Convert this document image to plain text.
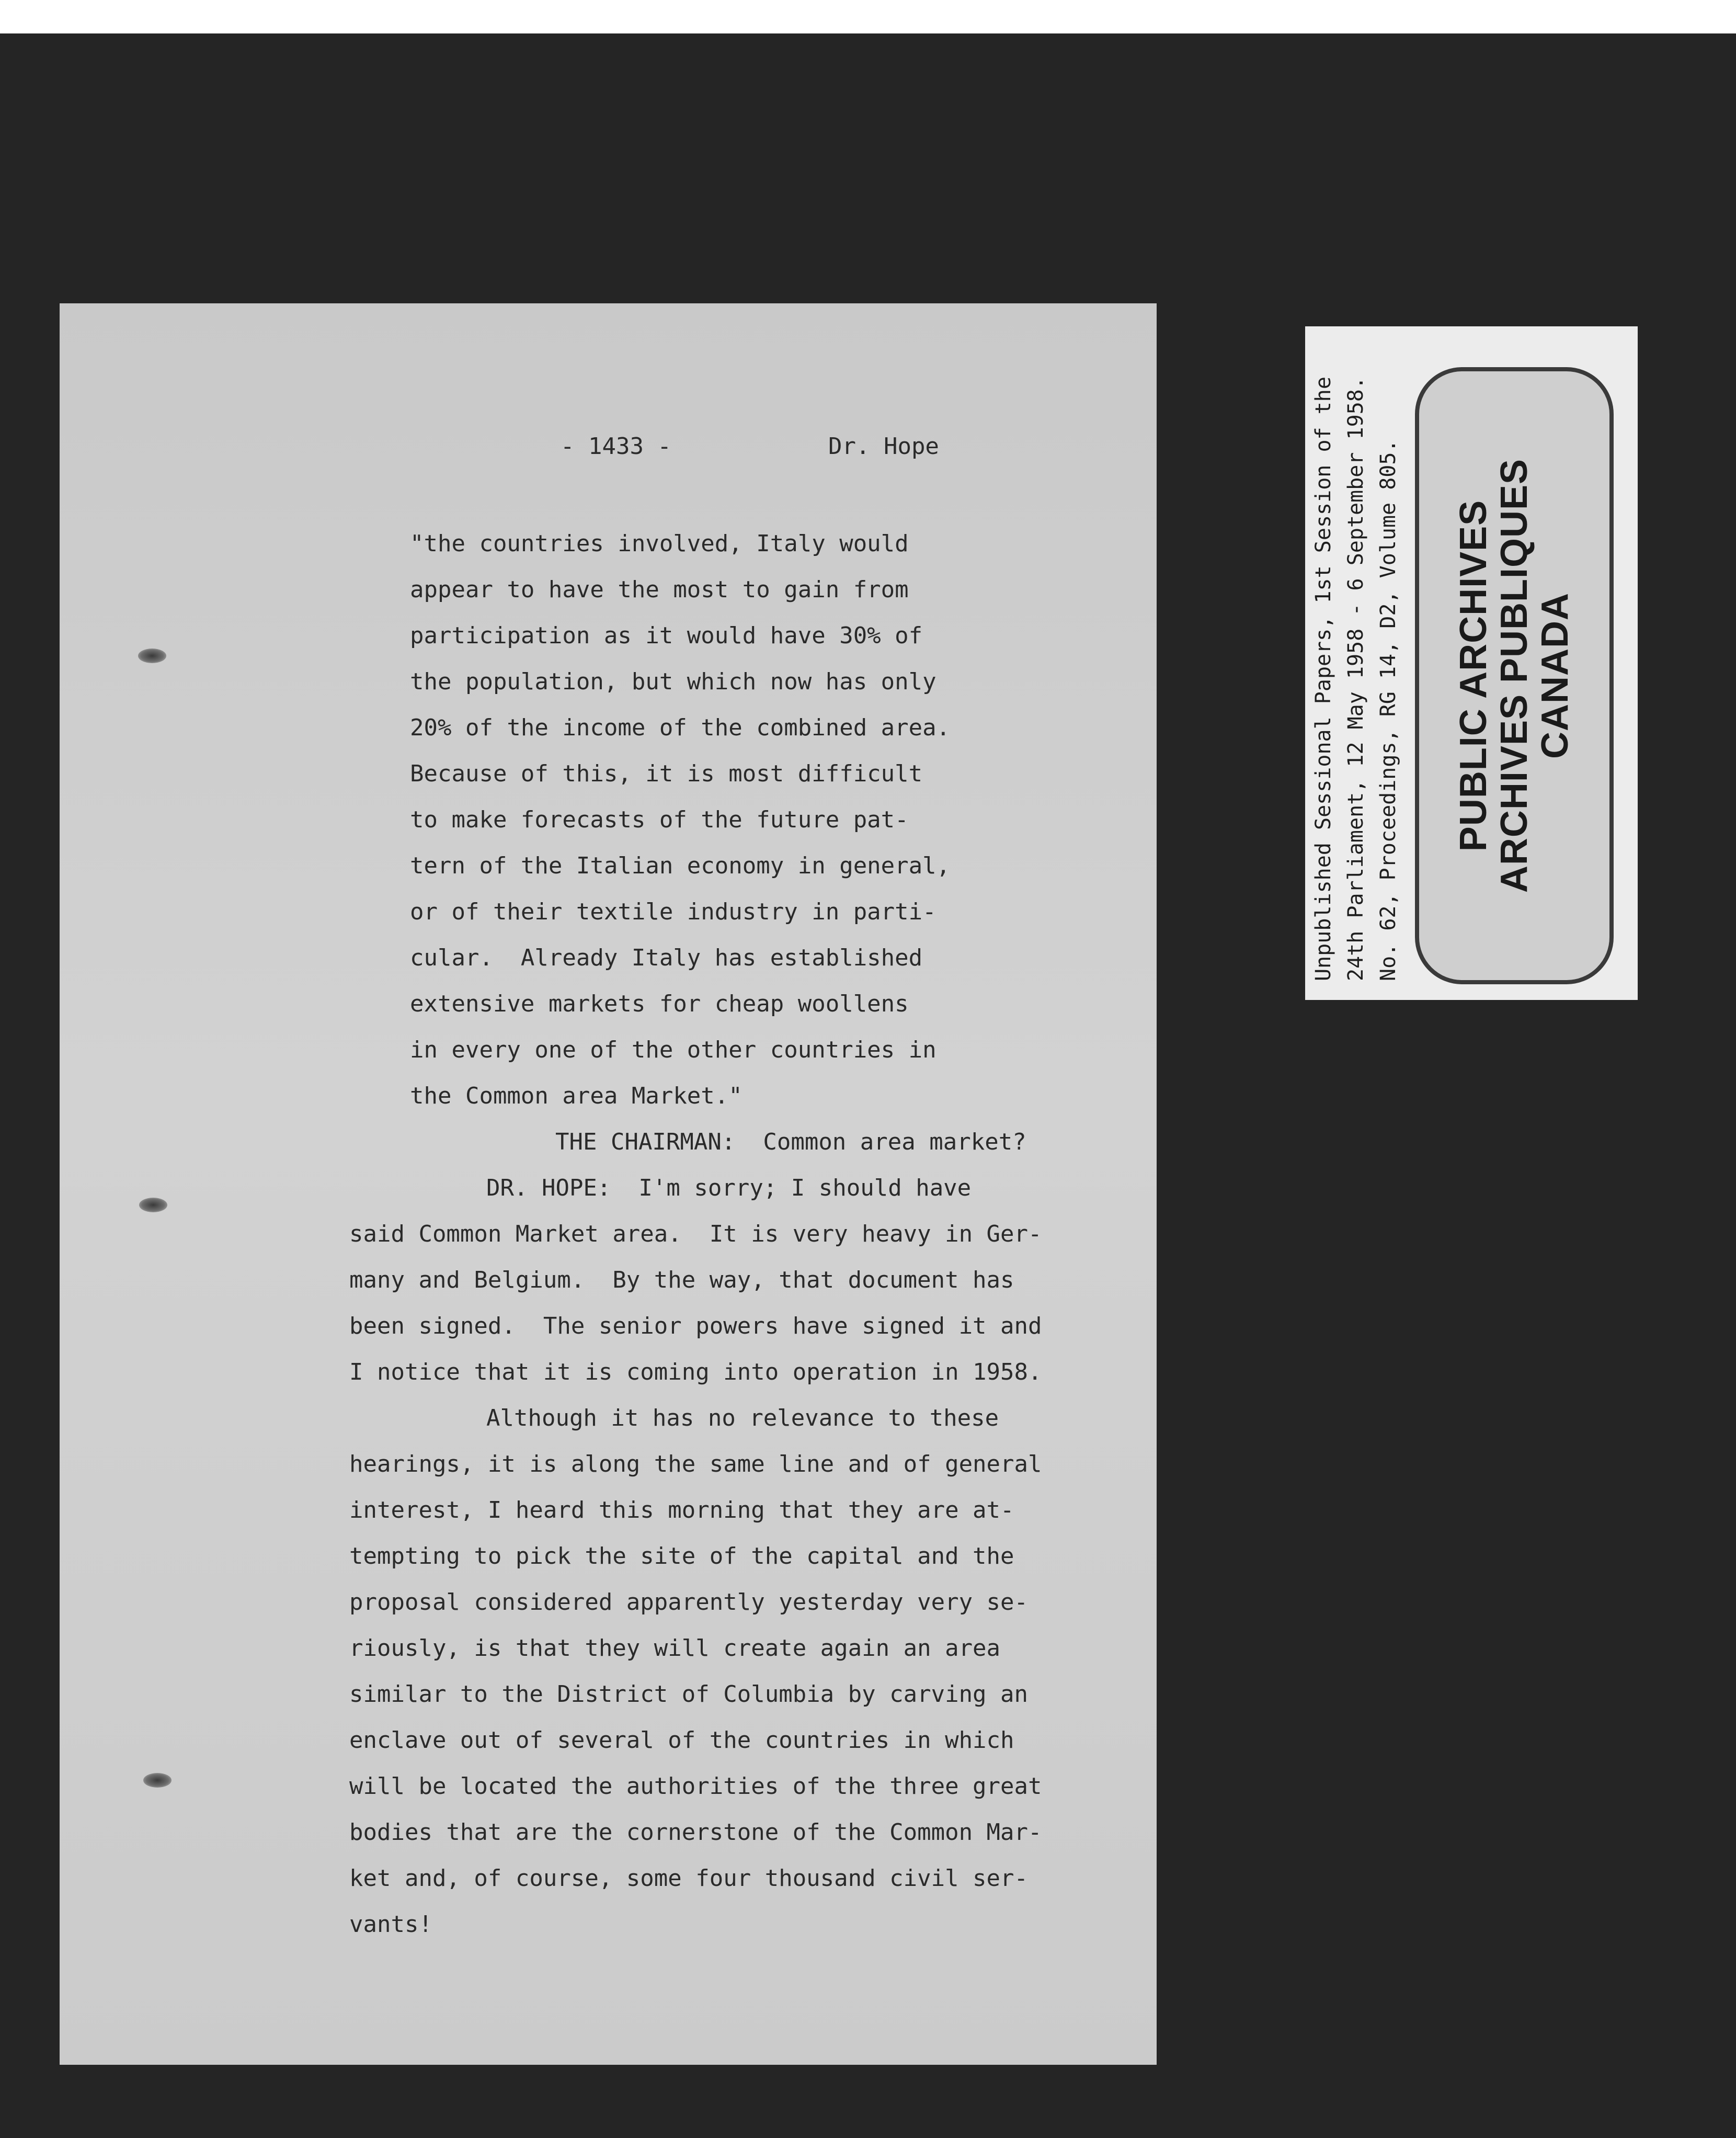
- 1433 -	Dr. Hope

"the countries involved, Italy would

appear to have the most to gain from

participation as it would have 30% of

the population, but which now has only

20% of the income of the combined area.

Because of this, it is most difficult

to make forecasts of the future pat-

tern of the Italian economy in general,

or of their textile industry in parti-

cular.  Already Italy has established

extensive markets for cheap woollens

in every one of the other countries in

the Common area Market."

THE CHAIRMAN:  Common area market?

DR. HOPE:  I'm sorry; I should have

said Common Market area.  It is very heavy in Ger-

many and Belgium.  By the way, that document has

been signed.  The senior powers have signed it and

I notice that it is coming into operation in 1958.

Although it has no relevance to these

hearings, it is along the same line and of general

interest, I heard this morning that they are at-

tempting to pick the site of the capital and the

proposal considered apparently yesterday very se-

riously, is that they will create again an area

similar to the District of Columbia by carving an

enclave out of several of the countries in which

will be located the authorities of the three great

bodies that are the cornerstone of the Common Mar-

ket and, of course, some four thousand civil ser-

vants!

Unpublished Sessional Papers, 1st Session of the 24th Parliament, 12 May 1958 - 6 September 1958. No. 62, Proceedings, RG 14, D2, Volume 805. PUBLIC ARCHIVES
ARCHIVES PUBLIQUES
CANADA
